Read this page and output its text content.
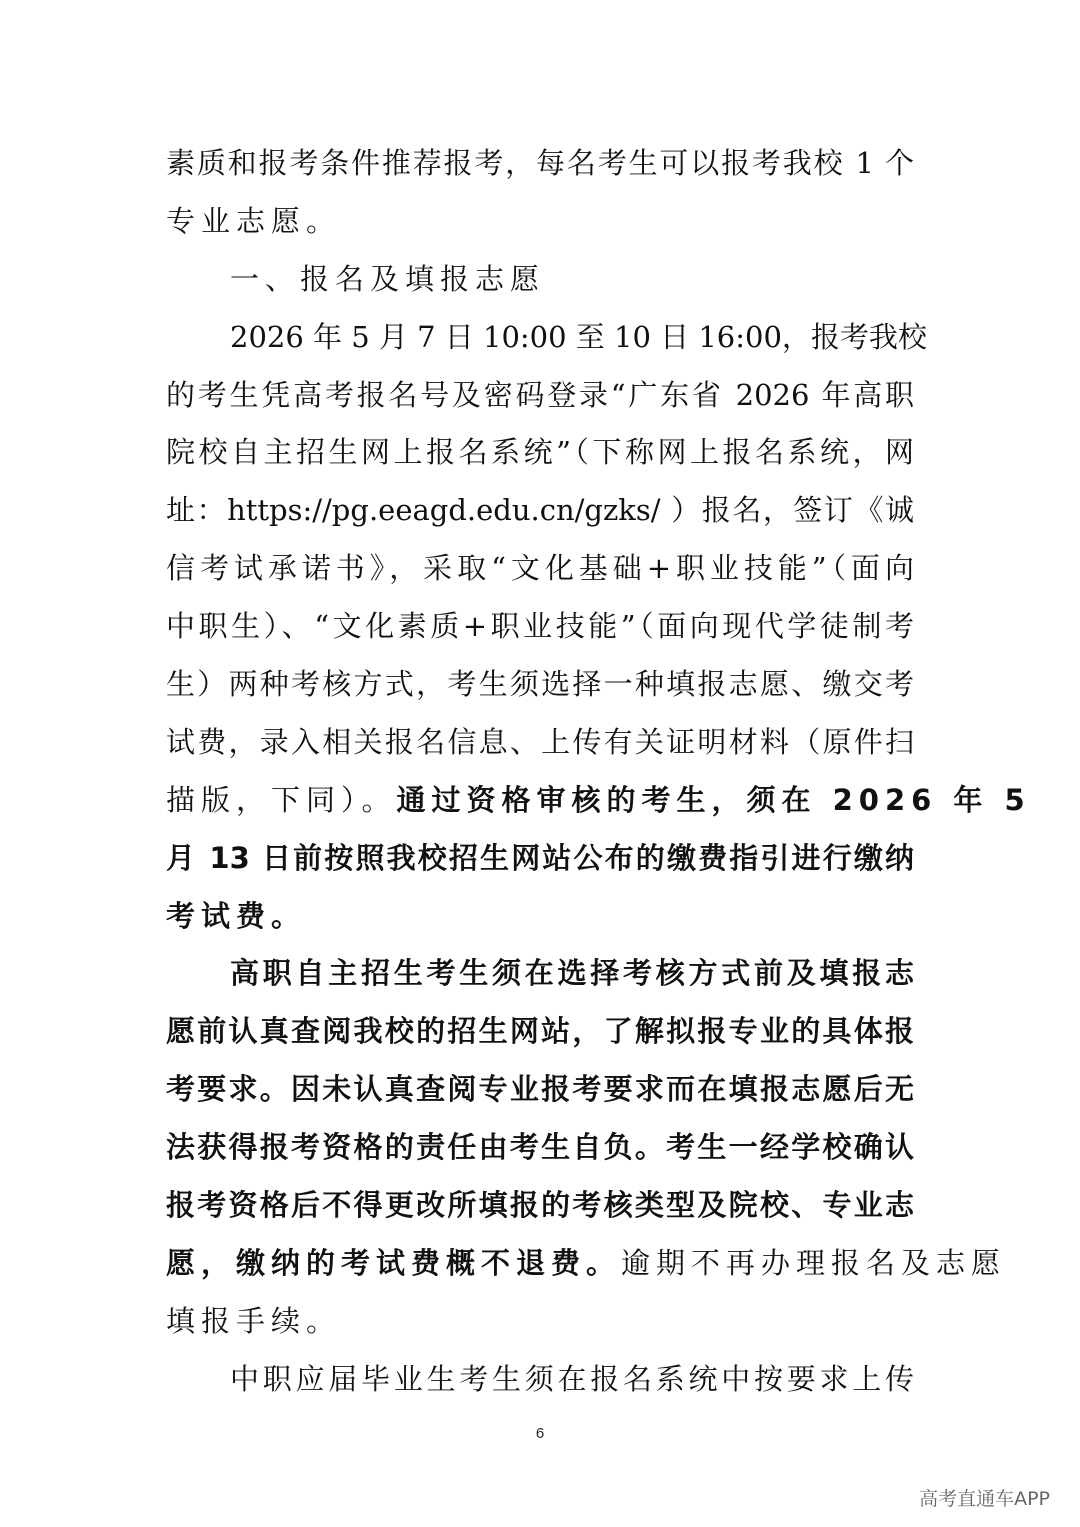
素质和报考条件推荐报考，每名考生可以报考我校 1 个
专业志愿。
一、报名及填报志愿
2026 年 5 月 7 日 10:00 至 10 日 16:00，报考我校
的考生凭高考报名号及密码登录“广东省 2026 年高职
院校自主招生网上报名系统”（下称网上报名系统，网
址：https://pg.eeagd.edu.cn/gzks/ ）报名，签订《诚
信考试承诺书》，采取“文化基础+职业技能”（面向
中职生）、“文化素质+职业技能”（面向现代学徒制考
生）两种考核方式，考生须选择一种填报志愿、缴交考
试费，录入相关报名信息、上传有关证明材料（原件扫
描版，下同）。通过资格审核的考生，须在 2026 年 5
月 13 日前按照我校招生网站公布的缴费指引进行缴纳
考试费。
高职自主招生考生须在选择考核方式前及填报志
愿前认真查阅我校的招生网站，了解拟报专业的具体报
考要求。因未认真查阅专业报考要求而在填报志愿后无
法获得报考资格的责任由考生自负。考生一经学校确认
报考资格后不得更改所填报的考核类型及院校、专业志
愿，缴纳的考试费概不退费。逾期不再办理报名及志愿
填报手续。
中职应届毕业生考生须在报名系统中按要求上传
6
高考直通车APP
